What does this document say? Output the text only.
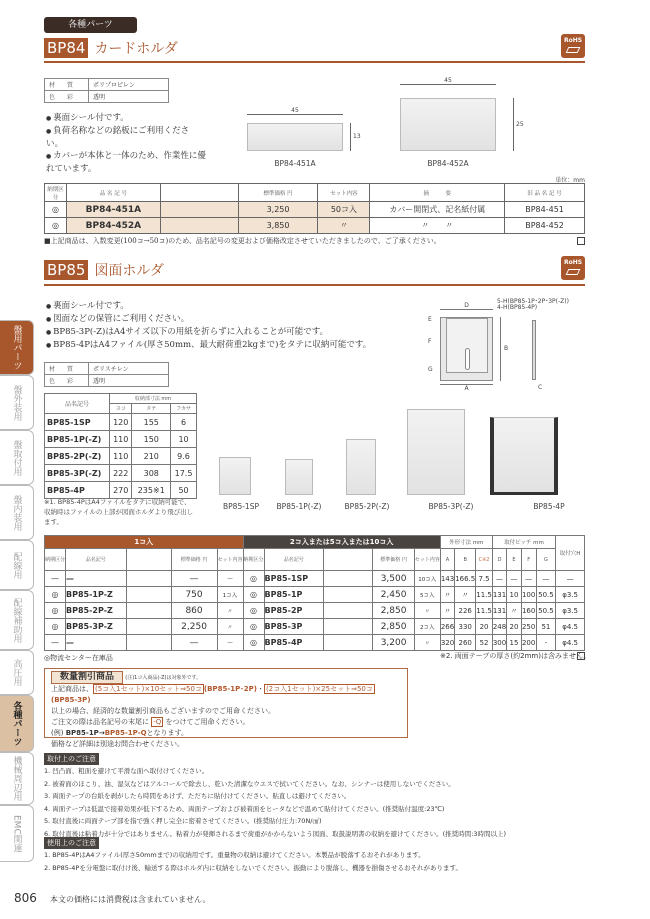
各種パーツ
盤用パーツ
盤外装用
盤取付用
盤内装用
配線用
配線補助用
高圧用
各種パーツ
機械周辺用
EMC関連
BP84 カードホルダ
RoHS
材　　質	ポリプロピレン
色　　彩	透明
● 裏面シール付です。
● 負荷名称などの銘板にご利用ください。
● カバーが本体と一体のため、作業性に優れています。
45
13
BP84-451A
45
25
BP84-452A
単位：mm
納期区分	品 名 記 号		標準価格 円	セット内容	摘　　　要	旧 品 名 記 号
◎	BP84-451A		3,250	50コ入	カバー開閉式、記名紙付属	BP84-451
◎	BP84-452A		3,850	〃	〃　　〃	BP84-452
■上記商品は、入数変更(100コ→50コ)のため、品名記号の変更および価格改定させていただきましたので、ご了承ください。
BP85 図面ホルダ
RoHS
● 裏面シール付です。
● 図面などの保管にご利用ください。
● BP85-3P(-Z)はA4サイズ以下の用紙を折らずに入れることが可能です。
● BP85-4PはA4ファイル(厚さ50mm、最大耐荷重2kgまで)をタテに収納可能です。
5-H(BP85-1P･2P･3P(-Z))
4-H(BP85-4P)
D
A
E
F
G
B
C
材　　質	ポリスチレン
色　　彩	透明
品名記号	収納部寸法 mm		
	ヨコ	タテ	フカサ
BP85-1SP	120	155	6
BP85-1P(-Z)	110	150	10
BP85-2P(-Z)	110	210	9.6
BP85-3P(-Z)	222	308	17.5
BP85-4P	270	235※1	50
※1. BP85-4PはA4ファイルをタテに収納可能で、収納時はファイルの上部が図面ホルダより飛び出します。
BP85-1SP	BP85-1P(-Z)	BP85-2P(-Z)	BP85-3P(-Z)	BP85-4P
1コ入					2コ入または5コ入または10コ入					外形寸法 mm			取付ピッチ mm				取付穴H
納期区分	品名記号		標準価格 円	セット内容	納期区分	品名記号		標準価格 円	セット内容	A	B	C※2	D	E	F	G	
—	—		—	—	◎	BP85-1SP		3,500	10コ入	143	166.5	7.5	—	—	—	—	—
◎	BP85-1P-Z		750	1コ入	◎	BP85-1P		2,450	5コ入	〃	〃	11.5	131	10	100	50.5	φ3.5
◎	BP85-2P-Z		860	〃	◎	BP85-2P		2,850	〃	〃	226	11.5	131	〃	160	50.5	φ3.5
◎	BP85-3P-Z		2,250	〃	◎	BP85-3P		2,850	2コ入	266	330	20	248	20	250	51	φ4.5
—	—		—	—	◎	BP85-4P		3,200	〃	320	260	52	300	15	200	-	φ4.5
◎物流センター在庫品	※2. 両面テープの厚さ(約2mm)は含みません。
数量割引商品 (注)1コ入商品(-Z)は対象外です。
上記商品は、 (5コ入1セット)×10セット⇒50コ (BP85-1P･2P)・ (2コ入1セット)×25セット⇒50コ(BP85-3P)
以上の場合、経済的な数量割引商品もございますのでご用命ください。
ご注文の際は品名記号の末尾に -Q をつけてご用命ください。
(例) BP85-1P→BP85-1P-Qとなります。
価格など詳細は別途お問合わせください。
取付上のご注意
1. 凹凸面、粗面を避けて平滑な面へ取付けてください。
2. 被着面のほこり、油、湿気などはアルコールで除去し、乾いた清潔なウエスで拭いてください。なお、シンナーは使用しないでください。
3. 両面テープの台紙を剥がしたら時間をあけず、ただちに貼付けてください。貼直しは避けてください。
4. 両面テープは低温で接着効果が低下するため、両面テープおよび被着面をヒータなどで温めて貼付けてください。(推奨貼付温度:23℃)
5. 取付直後に両面テープ部を指で強く押し完全に密着させてください。(推奨貼付圧力:70N/㎠)
6. 取付直後は粘着力が十分ではありません。粘着力が発揮されるまで荷重がかからないよう図面、取扱説明書の収納を避けてください。(推奨時間:3時間以上)
使用上のご注意
1. BP85-4PはA4ファイル(厚さ50mmまで)の収納用です。重量物の収納は避けてください。本製品が脱落するおそれがあります。
2. BP85-4Pを分電盤に取付け後、輸送する際はホルダ内に収納をしないでください。振動により脱落し、機器を損傷させるおそれがあります。
806 本文の価格には消費税は含まれていません。
